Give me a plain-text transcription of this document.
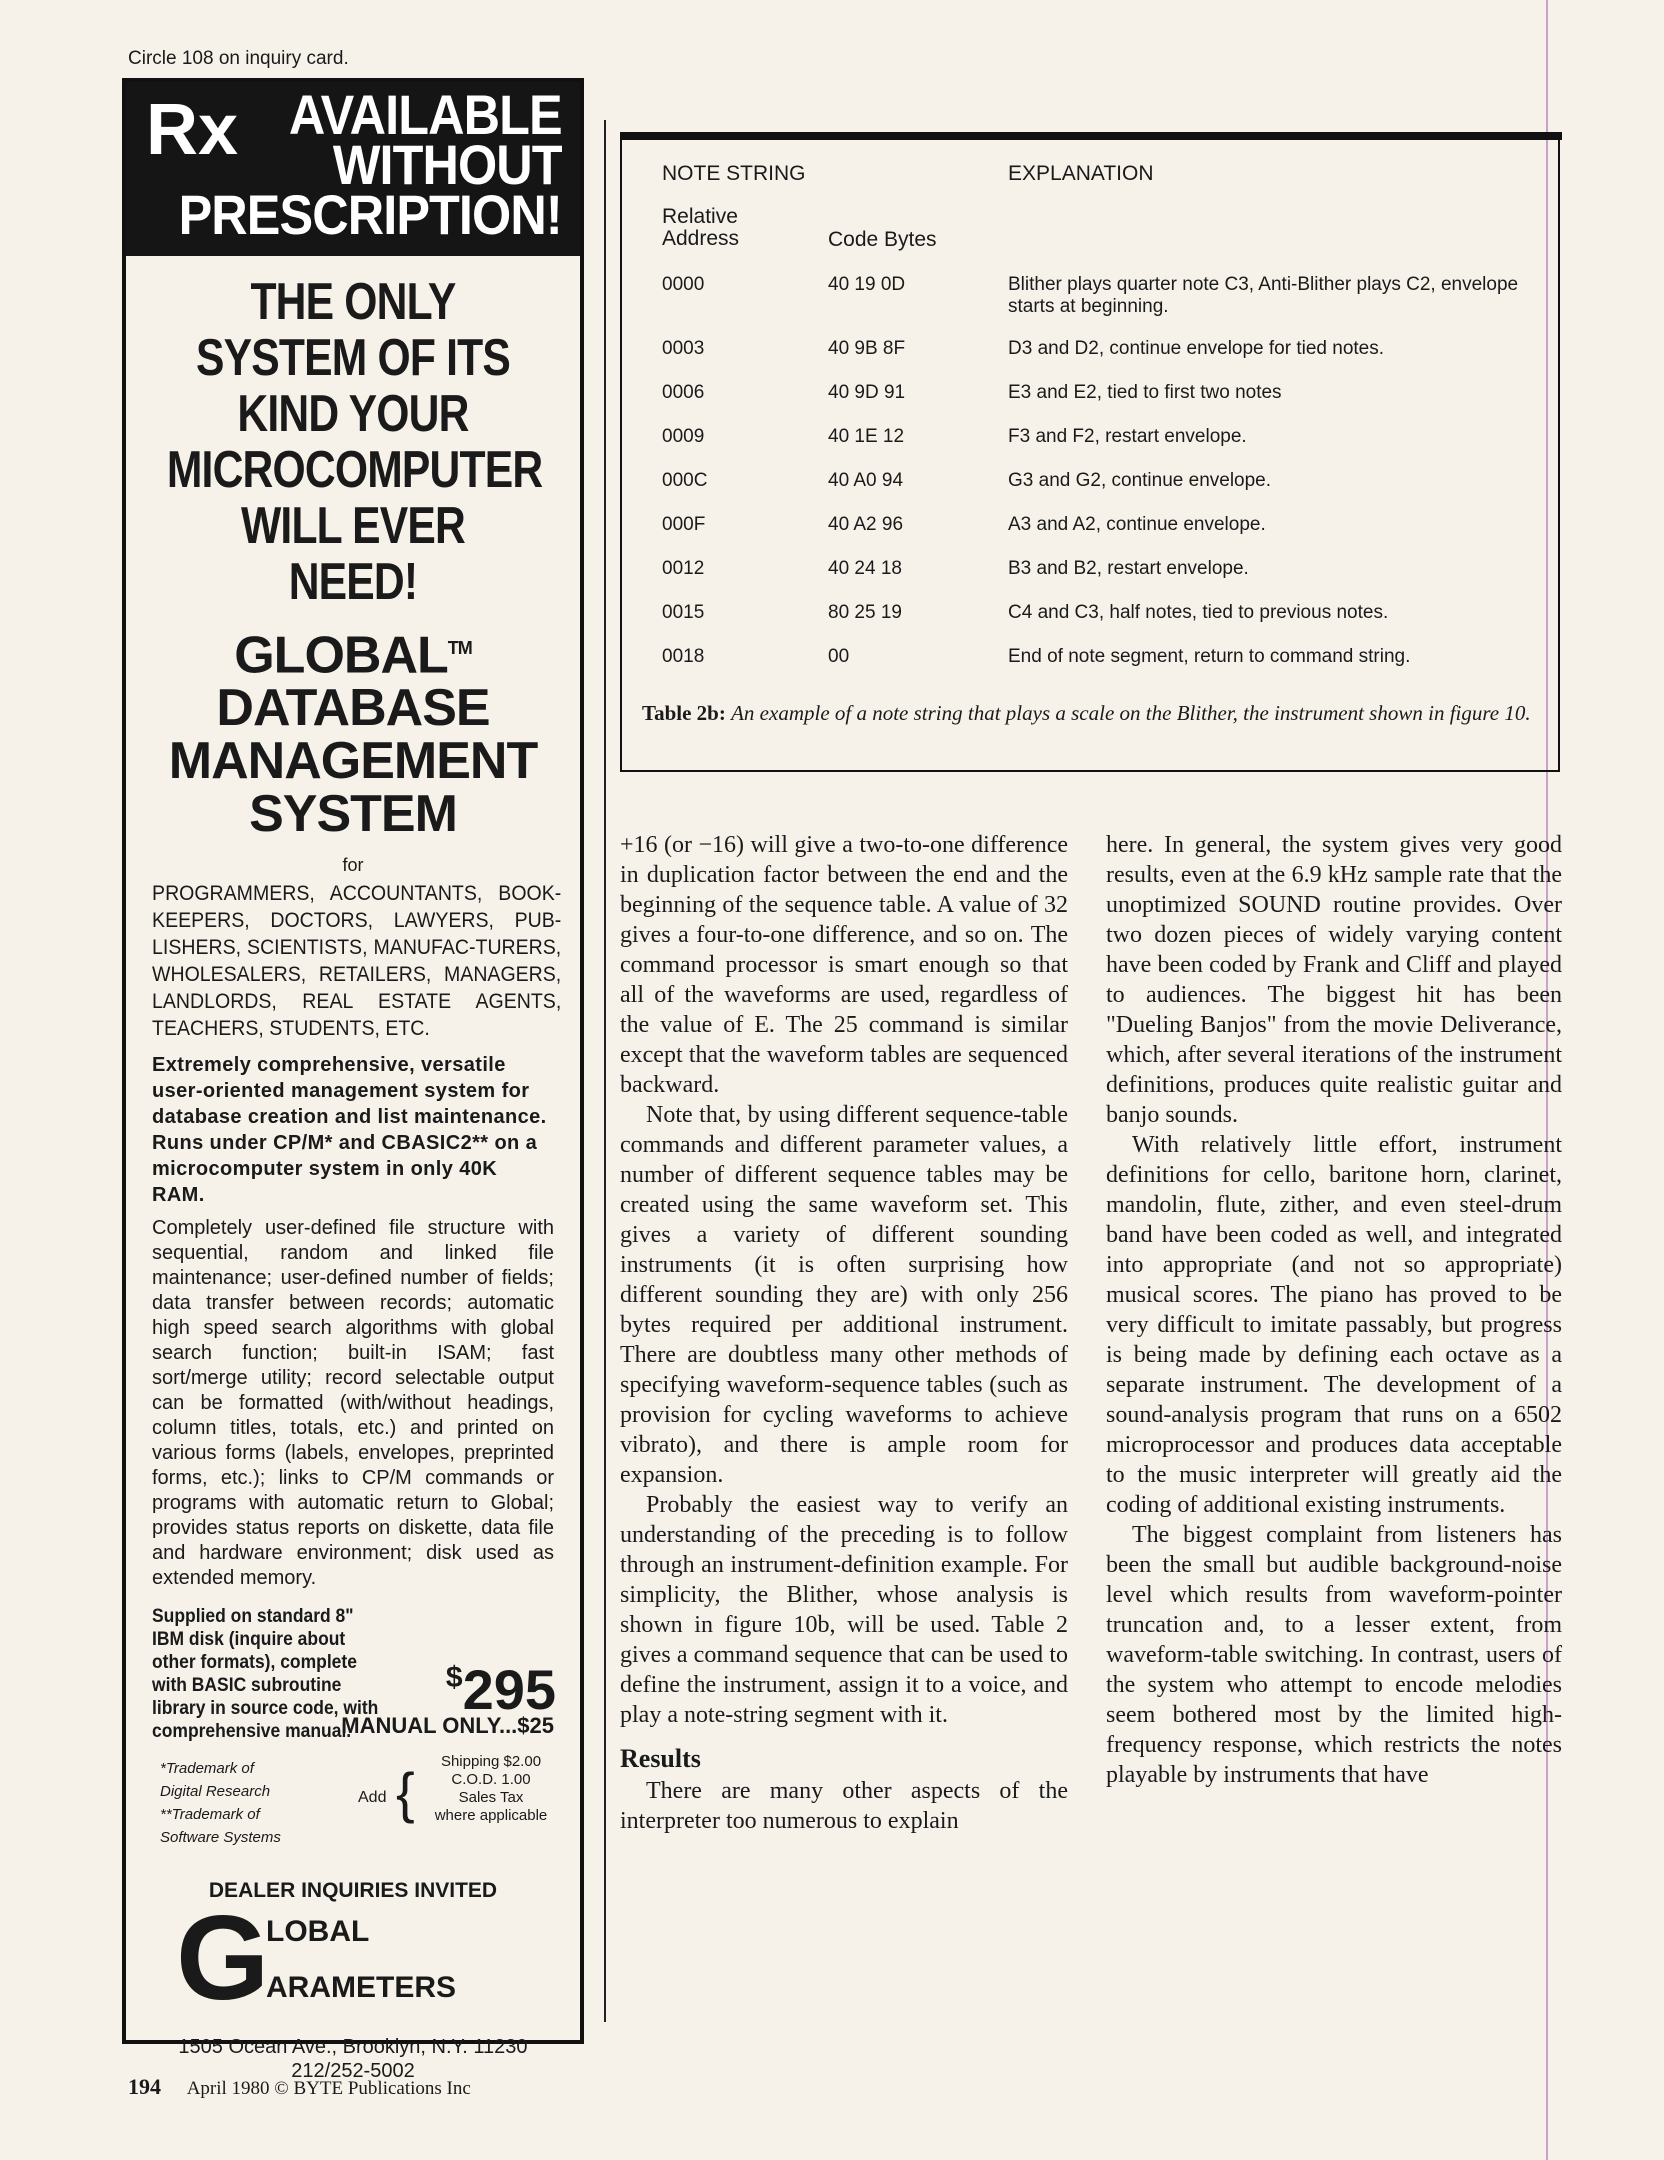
Circle 108 on inquiry card.
Rx AVAILABLE
WITHOUT
PRESCRIPTION!
THE ONLY
SYSTEM OF ITS
KIND YOUR
MICROCOMPUTER
WILL EVER
NEED!
GLOBAL™
DATABASE
MANAGEMENT
SYSTEM
for
PROGRAMMERS, ACCOUNTANTS, BOOK-KEEPERS, DOCTORS, LAWYERS, PUB-LISHERS, SCIENTISTS, MANUFAC-TURERS, WHOLESALERS, RETAILERS, MANAGERS, LANDLORDS, REAL ESTATE AGENTS, TEACHERS, STUDENTS, ETC.
Extremely comprehensive, versatile user-oriented management system for database creation and list maintenance. Runs under CP/M* and CBASIC2** on a microcomputer system in only 40K RAM.
Completely user-defined file structure with sequential, random and linked file maintenance; user-defined number of fields; data transfer between records; automatic high speed search algorithms with global search function; built-in ISAM; fast sort/merge utility; record selectable output can be formatted (with/without headings, column titles, totals, etc.) and printed on various forms (labels, envelopes, preprinted forms, etc.); links to CP/M commands or programs with automatic return to Global; provides status reports on diskette, data file and hardware environment; disk used as extended memory.
Supplied on standard 8" IBM disk (inquire about other formats), complete with BASIC subroutine library in source code, with comprehensive manual.
$295
MANUAL ONLY...$25
*Trademark of
Digital Research
**Trademark of
Software Systems
Add {	Shipping $2.00
C.O.D. 1.00
Sales Tax
where applicable
DEALER INQUIRIES INVITED
G
LOBAL
ARAMETERS
1505 Ocean Ave., Brooklyn, N.Y. 11230
212/252-5002
NOTE STRING	EXPLANATION
Relative
Address	Code Bytes
0000	40 19 0D	Blither plays quarter note C3, Anti-Blither plays C2, envelope starts at beginning.
0003	40 9B 8F	D3 and D2, continue envelope for tied notes.
0006	40 9D 91	E3 and E2, tied to first two notes
0009	40 1E 12	F3 and F2, restart envelope.
000C	40 A0 94	G3 and G2, continue envelope.
000F	40 A2 96	A3 and A2, continue envelope.
0012	40 24 18	B3 and B2, restart envelope.
0015	80 25 19	C4 and C3, half notes, tied to previous notes.
0018	00	End of note segment, return to command string.
Table 2b: An example of a note string that plays a scale on the Blither, the instrument shown in figure 10.

+16 (or −16) will give a two-to-one difference in duplication factor between the end and the beginning of the sequence table. A value of 32 gives a four-to-one difference, and so on. The command processor is smart enough so that all of the waveforms are used, regardless of the value of E. The 25 command is similar except that the waveform tables are sequenced backward.

Note that, by using different sequence-table commands and different parameter values, a number of different sequence tables may be created using the same waveform set. This gives a variety of different sounding instruments (it is often surprising how different sounding they are) with only 256 bytes required per additional instrument. There are doubtless many other methods of specifying waveform-sequence tables (such as provision for cycling waveforms to achieve vibrato), and there is ample room for expansion.

Probably the easiest way to verify an understanding of the preceding is to follow through an instrument-definition example. For simplicity, the Blither, whose analysis is shown in figure 10b, will be used. Table 2 gives a command sequence that can be used to define the instrument, assign it to a voice, and play a note-string segment with it.

Results

There are many other aspects of the interpreter too numerous to explain

here. In general, the system gives very good results, even at the 6.9 kHz sample rate that the unoptimized SOUND routine provides. Over two dozen pieces of widely varying content have been coded by Frank and Cliff and played to audiences. The biggest hit has been "Dueling Banjos" from the movie Deliverance, which, after several iterations of the instrument definitions, produces quite realistic guitar and banjo sounds.

With relatively little effort, instrument definitions for cello, baritone horn, clarinet, mandolin, flute, zither, and even steel-drum band have been coded as well, and integrated into appropriate (and not so appropriate) musical scores. The piano has proved to be very difficult to imitate passably, but progress is being made by defining each octave as a separate instrument. The development of a sound-analysis program that runs on a 6502 microprocessor and produces data acceptable to the music interpreter will greatly aid the coding of additional existing instruments.

The biggest complaint from listeners has been the small but audible background-noise level which results from waveform-pointer truncation and, to a lesser extent, from waveform-table switching. In contrast, users of the system who attempt to encode melodies seem bothered most by the limited high-frequency response, which restricts the notes playable by instruments that have

194 April 1980 © BYTE Publications Inc
